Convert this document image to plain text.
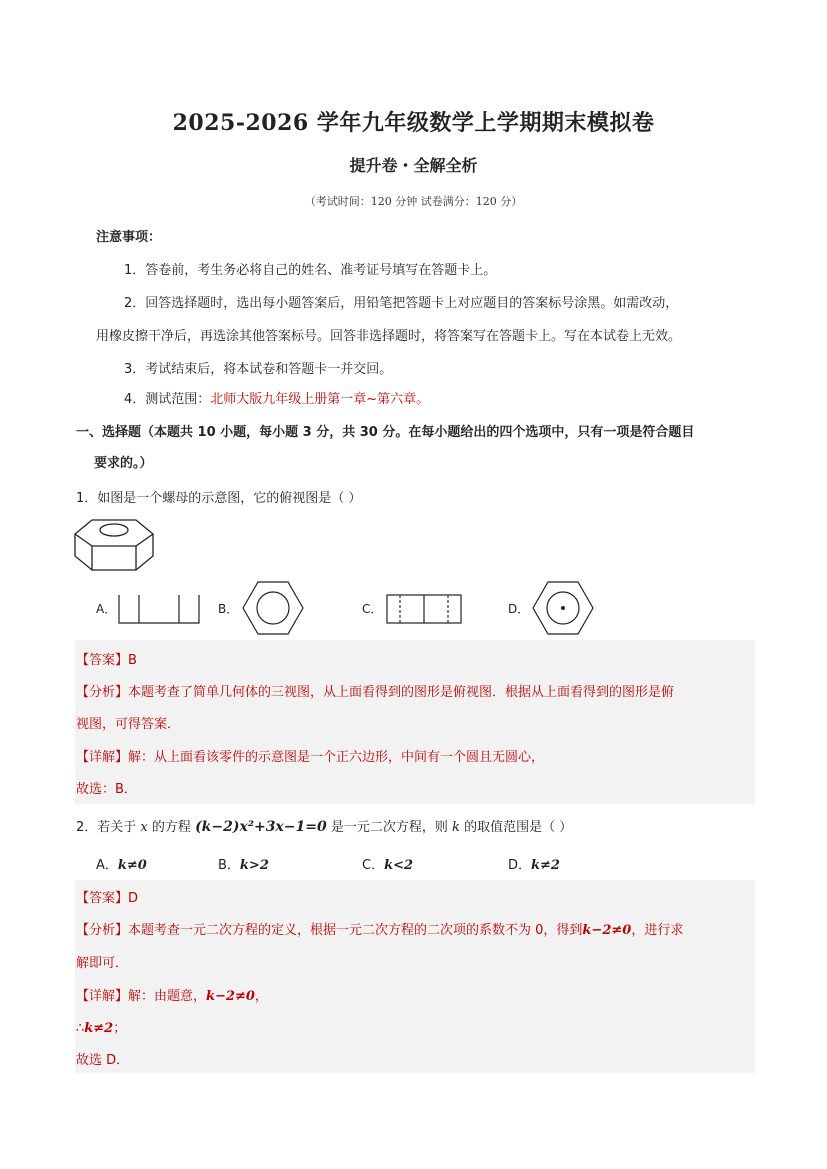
2025-2026 学年九年级数学上学期期末模拟卷
提升卷・全解全析
（考试时间：120 分钟 试卷满分：120 分）
注意事项：
1．答卷前，考生务必将自己的姓名、准考证号填写在答题卡上。
2．回答选择题时，选出每小题答案后，用铅笔把答题卡上对应题目的答案标号涂黑。如需改动，
用橡皮擦干净后，再选涂其他答案标号。回答非选择题时，将答案写在答题卡上。写在本试卷上无效。
3．考试结束后，将本试卷和答题卡一并交回。
4．测试范围：北师大版九年级上册第一章~第六章。
一、选择题（本题共 10 小题，每小题 3 分，共 30 分。在每小题给出的四个选项中，只有一项是符合题目
要求的。）
1．如图是一个螺母的示意图，它的俯视图是（ ）
A．	B．	C．	D．
【答案】B
【分析】本题考查了简单几何体的三视图，从上面看得到的图形是俯视图．根据从上面看得到的图形是俯
视图，可得答案．
【详解】解：从上面看该零件的示意图是一个正六边形，中间有一个圆且无圆心，
故选：B．
2．若关于 x 的方程 (k−2)x²+3x−1=0 是一元二次方程，则 k 的取值范围是（ ）
A．k≠0	B．k>2	C．k<2	D．k≠2
【答案】D
【分析】本题考查一元二次方程的定义，根据一元二次方程的二次项的系数不为 0，得到k−2≠0，进行求
解即可．
【详解】解：由题意，k−2≠0，
∴k≠2；
故选 D．
